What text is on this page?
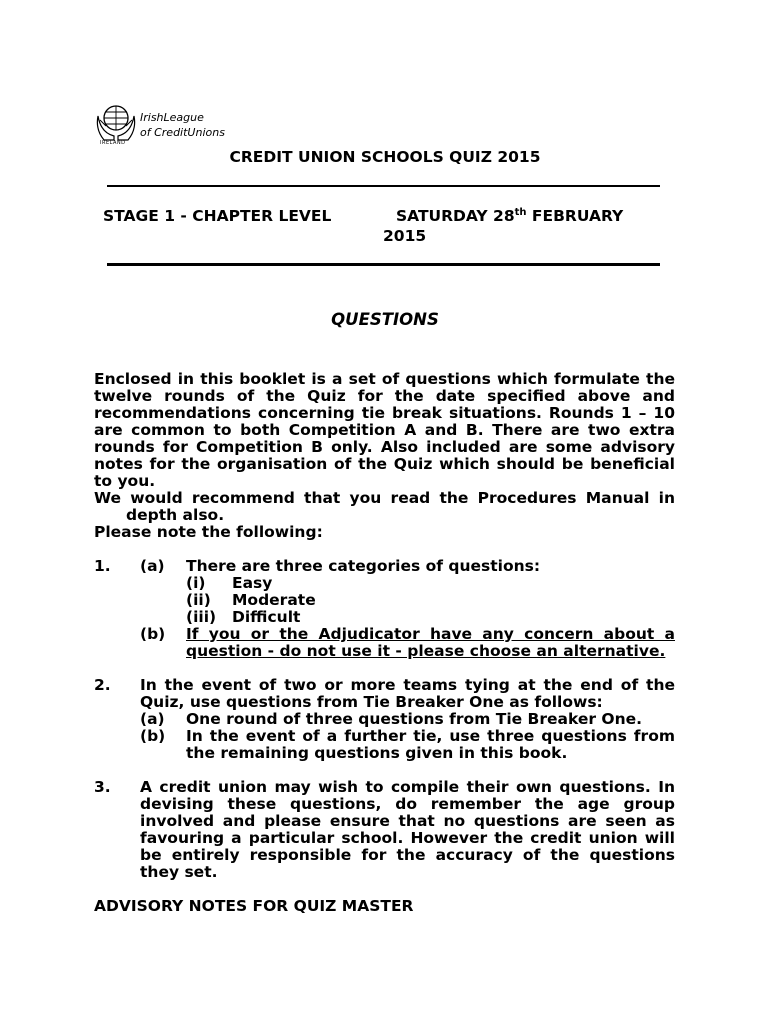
IRELAND
IrishLeague
of CreditUnions
CREDIT UNION SCHOOLS QUIZ 2015
STAGE 1 - CHAPTER LEVEL	SATURDAY 28th FEBRUARY
2015
QUESTIONS
Enclosed in this booklet is a set of questions which formulate the
twelve rounds of the Quiz for the date specified above and
recommendations concerning tie break situations. Rounds 1 – 10
are common to both Competition A and B. There are two extra
rounds for Competition B only. Also included are some advisory
notes for the organisation of the Quiz which should be beneficial
to you.
We would recommend that you read the Procedures Manual in
depth also.
Please note the following:
1. (a) There are three categories of questions:
(i) Easy
(ii) Moderate
(iii) Difficult
(b) If you or the Adjudicator have any concern about a
question - do not use it - please choose an alternative.
2. In the event of two or more teams tying at the end of the
Quiz, use questions from Tie Breaker One as follows:
(a) One round of three questions from Tie Breaker One.
(b) In the event of a further tie, use three questions from
the remaining questions given in this book.
3. A credit union may wish to compile their own questions. In
devising these questions, do remember the age group
involved and please ensure that no questions are seen as
favouring a particular school. However the credit union will
be entirely responsible for the accuracy of the questions
they set.
ADVISORY NOTES FOR QUIZ MASTER
